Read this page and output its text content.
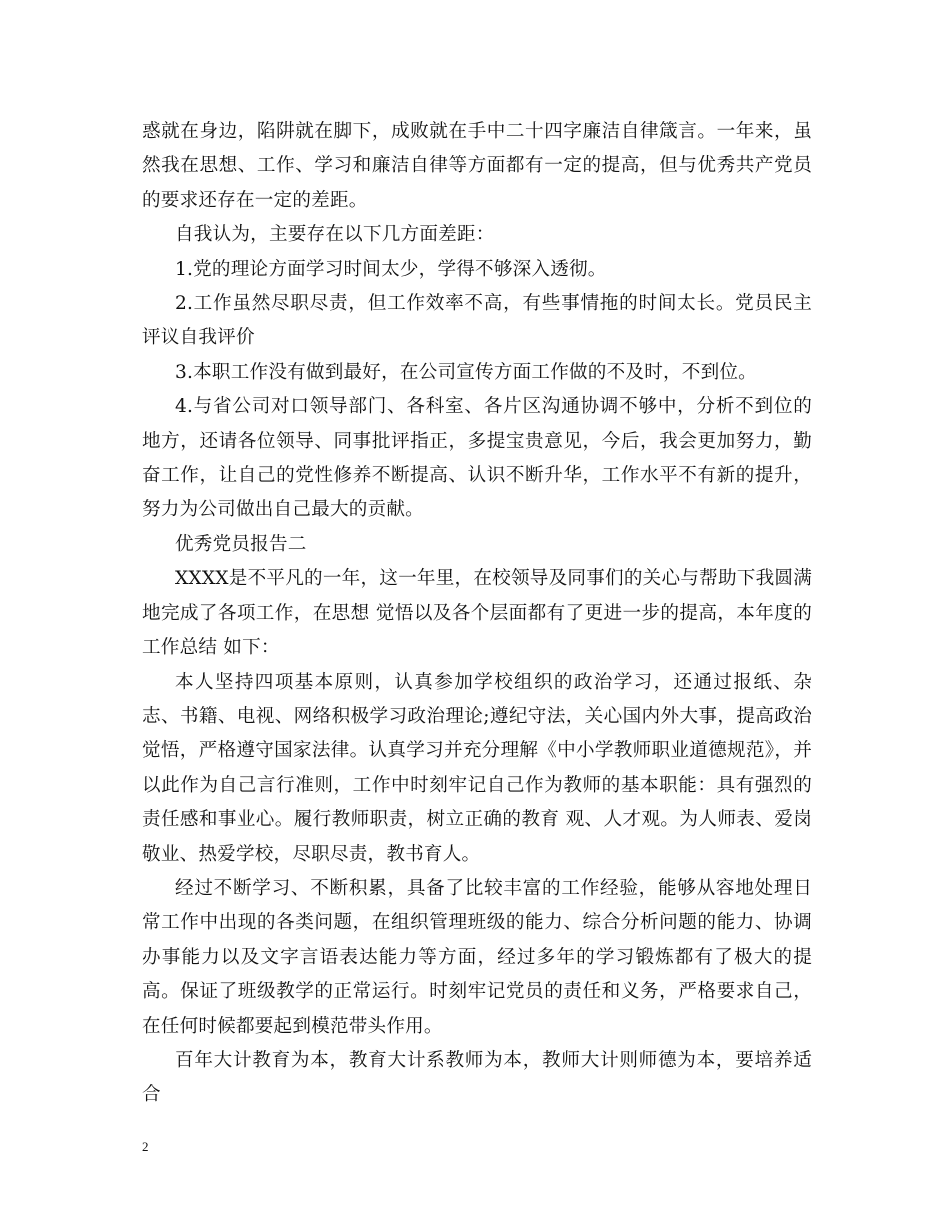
惑就在身边，陷阱就在脚下，成败就在手中二十四字廉洁自律箴言。一年来，虽然我在思想、工作、学习和廉洁自律等方面都有一定的提高，但与优秀共产党员的要求还存在一定的差距。

自我认为，主要存在以下几方面差距：

1.党的理论方面学习时间太少，学得不够深入透彻。

2.工作虽然尽职尽责，但工作效率不高，有些事情拖的时间太长。党员民主评议自我评价

3.本职工作没有做到最好，在公司宣传方面工作做的不及时，不到位。

4.与省公司对口领导部门、各科室、各片区沟通协调不够中，分析不到位的地方，还请各位领导、同事批评指正，多提宝贵意见，今后，我会更加努力，勤奋工作，让自己的党性修养不断提高、认识不断升华，工作水平不有新的提升，努力为公司做出自己最大的贡献。

优秀党员报告二

XXXX是不平凡的一年，这一年里，在校领导及同事们的关心与帮助下我圆满地完成了各项工作，在思想 觉悟以及各个层面都有了更进一步的提高，本年度的工作总结 如下：

本人坚持四项基本原则，认真参加学校组织的政治学习，还通过报纸、杂志、书籍、电视、网络积极学习政治理论;遵纪守法，关心国内外大事，提高政治觉悟，严格遵守国家法律。认真学习并充分理解《中小学教师职业道德规范》，并以此作为自己言行准则，工作中时刻牢记自己作为教师的基本职能：具有强烈的责任感和事业心。履行教师职责，树立正确的教育 观、人才观。为人师表、爱岗敬业、热爱学校，尽职尽责，教书育人。

经过不断学习、不断积累，具备了比较丰富的工作经验，能够从容地处理日常工作中出现的各类问题，在组织管理班级的能力、综合分析问题的能力、协调办事能力以及文字言语表达能力等方面，经过多年的学习锻炼都有了极大的提高。保证了班级教学的正常运行。时刻牢记党员的责任和义务，严格要求自己，在任何时候都要起到模范带头作用。

百年大计教育为本，教育大计系教师为本，教师大计则师德为本，要培养适合

2
